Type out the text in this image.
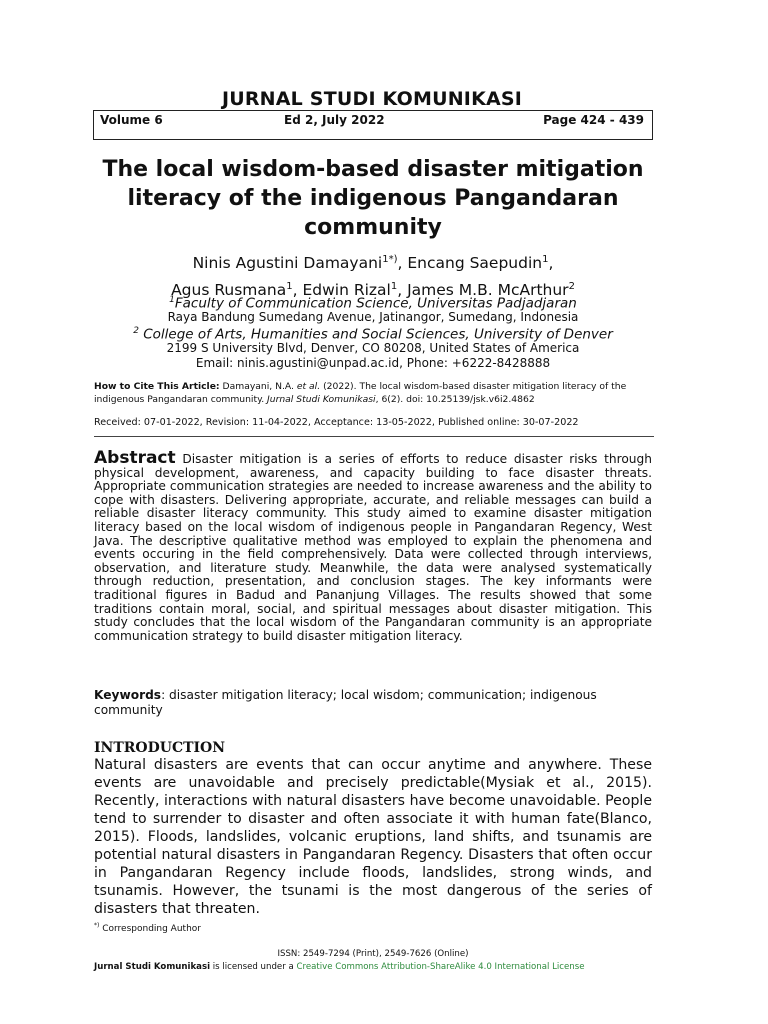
JURNAL STUDI KOMUNIKASI
Volume 6	Ed 2, July 2022	Page 424 - 439
The local wisdom-based disaster mitigation literacy of the indigenous Pangandaran community
Ninis Agustini Damayani$^{1*)}$, Encang Saepudin$^1$,
Agus Rusmana$^1$, Edwin Rizal$^1$, James M.B. McArthur$^2$
$^1$Faculty of Communication Science, Universitas Padjadjaran
Raya Bandung Sumedang Avenue, Jatinangor, Sumedang, Indonesia
$^2$ College of Arts, Humanities and Social Sciences, University of Denver
2199 S University Blvd, Denver, CO 80208, United States of America
Email: ninis.agustini@unpad.ac.id, Phone: +6222-8428888
How to Cite This Article: Damayani, N.A. et al. (2022). The local wisdom-based disaster mitigation literacy of the indigenous Pangandaran community. Jurnal Studi Komunikasi, 6(2). doi: 10.25139/jsk.v6i2.4862
Received: 07-01-2022, Revision: 11-04-2022, Acceptance: 13-05-2022, Published online: 30-07-2022
Abstract Disaster mitigation is a series of efforts to reduce disaster risks through physical development, awareness, and capacity building to face disaster threats. Appropriate communication strategies are needed to increase awareness and the ability to cope with disasters. Delivering appropriate, accurate, and reliable messages can build a reliable disaster literacy community. This study aimed to examine disaster mitigation literacy based on the local wisdom of indigenous people in Pangandaran Regency, West Java. The descriptive qualitative method was employed to explain the phenomena and events occuring in the field comprehensively. Data were collected through interviews, observation, and literature study. Meanwhile, the data were analysed systematically through reduction, presentation, and conclusion stages. The key informants were traditional figures in Badud and Pananjung Villages. The results showed that some traditions contain moral, social, and spiritual messages about disaster mitigation. This study concludes that the local wisdom of the Pangandaran community is an appropriate communication strategy to build disaster mitigation literacy.
Keywords: disaster mitigation literacy; local wisdom; communication; indigenous community
INTRODUCTION
Natural disasters are events that can occur anytime and anywhere. These events are unavoidable and precisely predictable(Mysiak et al., 2015). Recently, interactions with natural disasters have become unavoidable. People tend to surrender to disaster and often associate it with human fate(Blanco, 2015). Floods, landslides, volcanic eruptions, land shifts, and tsunamis are potential natural disasters in Pangandaran Regency. Disasters that often occur in Pangandaran Regency include floods, landslides, strong winds, and tsunamis. However, the tsunami is the most dangerous of the series of disasters that threaten.
*) Corresponding Author
ISSN: 2549-7294 (Print), 2549-7626 (Online)
Jurnal Studi Komunikasi is licensed under a Creative Commons Attribution-ShareAlike 4.0 International License
